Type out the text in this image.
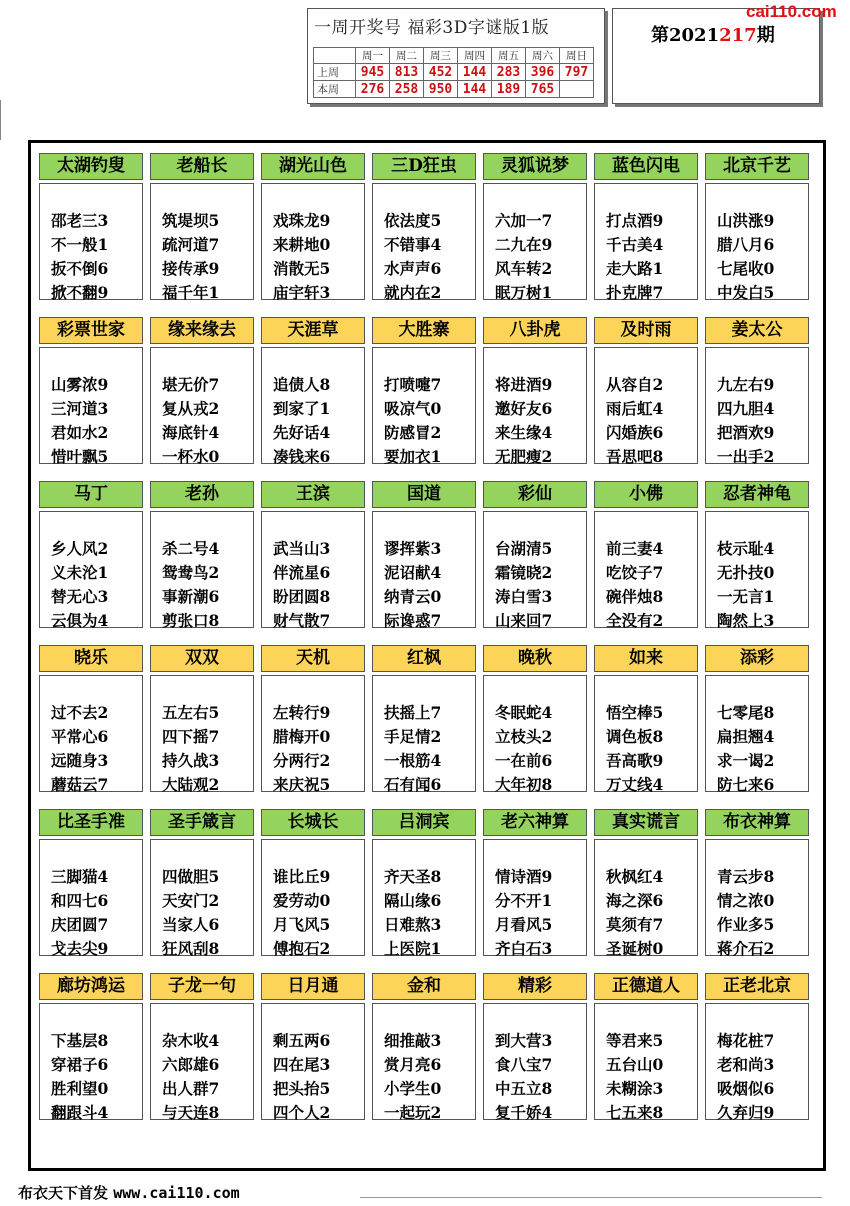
一周开奖号 福彩3D字谜版1版
	周一	周二	周三	周四	周五	周六	周日
上周	945	813	452	144	283	396	797
本周	276	258	950	144	189	765	
第2021217期
cai110.com
太湖钓叟
邵老三3
不一般1
扳不倒6
掀不翻9
老船长
筑堤坝5
疏河道7
接传承9
福千年1
湖光山色
戏珠龙9
来耕地0
消散无5
庙宇轩3
三D狂虫
依法度5
不错事4
水声声6
就内在2
灵狐说梦
六加一7
二九在9
风车转2
眠万树1
蓝色闪电
打点酒9
千古美4
走大路1
扑克牌7
北京千艺
山洪涨9
腊八月6
七尾收0
中发白5
彩票世家
山雾浓9
三河道3
君如水2
惜叶飘5
缘来缘去
堪无价7
复从戎2
海底针4
一杯水0
天涯草
追债人8
到家了1
先好话4
凑钱来6
大胜寨
打喷嚏7
吸凉气0
防感冒2
要加衣1
八卦虎
将进酒9
邀好友6
来生缘4
无肥瘦2
及时雨
从容自2
雨后虹4
闪婚族6
吾思吧8
姜太公
九左右9
四九胆4
把酒欢9
一出手2
马丁
乡人风2
义未沦1
替无心3
云俱为4
老孙
杀二号4
鸳鸯鸟2
事新潮6
剪张口8
王滨
武当山3
伴流星6
盼团圆8
财气散7
国道
谬挥紫3
泥诏献4
纳青云0
际谗惑7
彩仙
台湖清5
霜镜晓2
涛白雪3
山来回7
小佛
前三妻4
吃饺子7
碗伴烛8
全没有2
忍者神龟
枝示耻4
无扑技0
一无言1
陶然上3
晓乐
过不去2
平常心6
远随身3
蘑菇云7
双双
五左右5
四下摇7
持久战3
大陆观2
天机
左转行9
腊梅开0
分两行2
来庆祝5
红枫
扶摇上7
手足情2
一根筋4
石有闻6
晚秋
冬眠蛇4
立枝头2
一在前6
大年初8
如来
悟空棒5
调色板8
吾高歌9
万丈线4
添彩
七零尾8
扁担翘4
求一谒2
防七来6
比圣手准
三脚猫4
和四七6
庆团圆7
戈去尖9
圣手箴言
四做胆5
天安门2
当家人6
狂风刮8
长城长
谁比丘9
爱劳动0
月飞风5
傅抱石2
吕洞宾
齐天圣8
隔山缘6
日难熬3
上医院1
老六神算
情诗酒9
分不开1
月看风5
齐白石3
真实谎言
秋枫红4
海之深6
莫须有7
圣诞树0
布衣神算
青云步8
情之浓0
作业多5
蒋介石2
廊坊鸿运
下基层8
穿裙子6
胜利望0
翻跟斗4
子龙一句
杂木收4
六郎雄6
出人群7
与天连8
日月通
剩五两6
四在尾3
把头抬5
四个人2
金和
细推敲3
赏月亮6
小学生0
一起玩2
精彩
到大营3
食八宝7
中五立8
复千娇4
正德道人
等君来5
五台山0
未糊涂3
七五来8
正老北京
梅花桩7
老和尚3
吸烟似6
久弃归9
布衣天下首发 www.cai110.com
